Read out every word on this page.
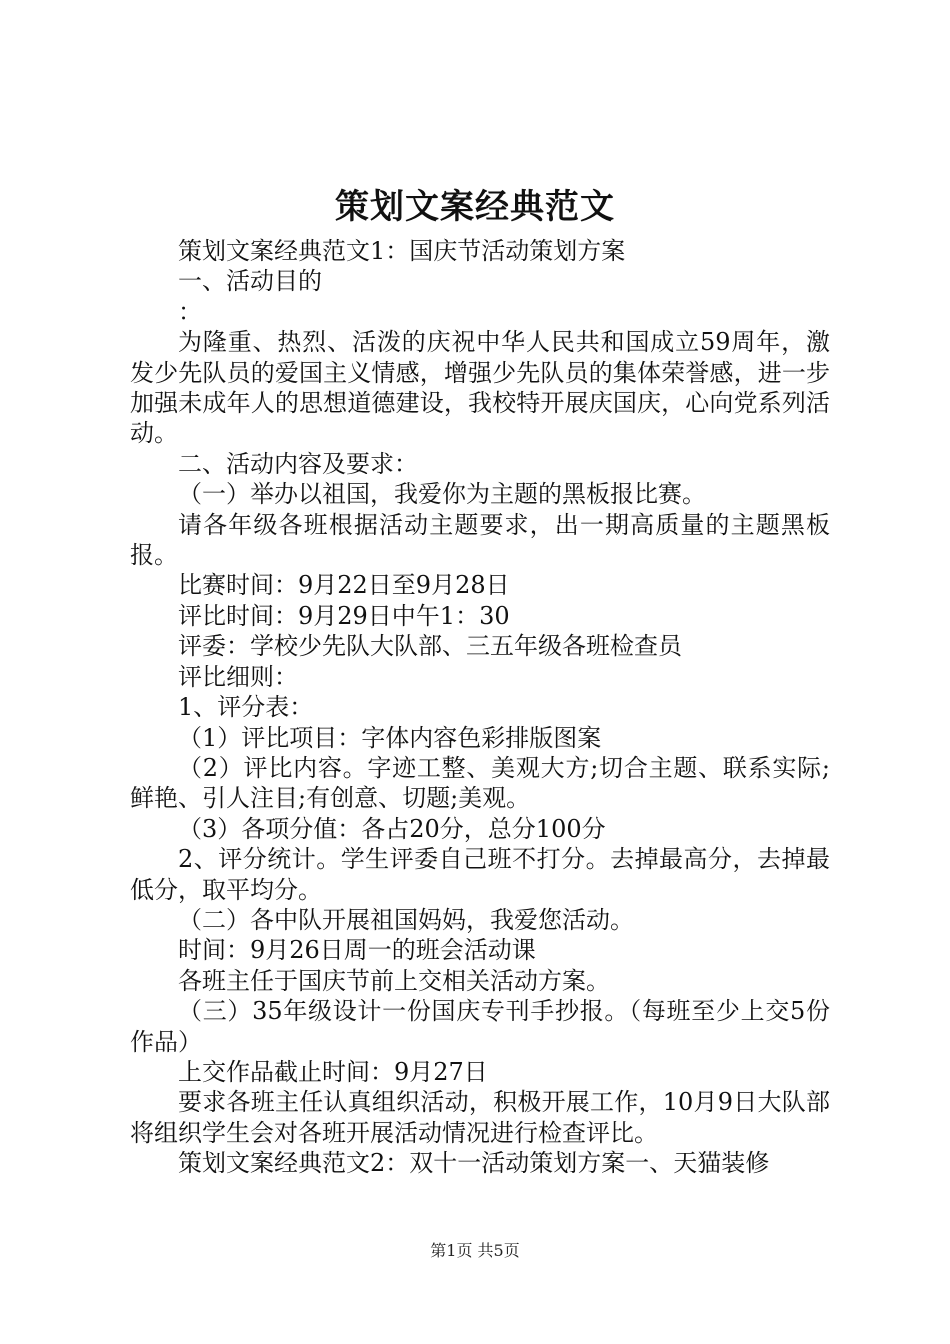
策划文案经典范文

策划文案经典范文1：国庆节活动策划方案

一、活动目的

：

为隆重、热烈、活泼的庆祝中华人民共和国成立59周年，激发少先队员的爱国主义情感，增强少先队员的集体荣誉感，进一步加强未成年人的思想道德建设，我校特开展庆国庆，心向党系列活动。

二、活动内容及要求：

（一）举办以祖国，我爱你为主题的黑板报比赛。

请各年级各班根据活动主题要求，出一期高质量的主题黑板报。

比赛时间：9月22日至9月28日

评比时间：9月29日中午1：30

评委：学校少先队大队部、三五年级各班检查员

评比细则：

1、评分表：

（1）评比项目：字体内容色彩排版图案

（2）评比内容。字迹工整、美观大方;切合主题、联系实际;鲜艳、引人注目;有创意、切题;美观。

（3）各项分值：各占20分，总分100分

2、评分统计。学生评委自己班不打分。去掉最高分，去掉最低分，取平均分。

（二）各中队开展祖国妈妈，我爱您活动。

时间：9月26日周一的班会活动课

各班主任于国庆节前上交相关活动方案。

（三）35年级设计一份国庆专刊手抄报。（每班至少上交5份作品）

上交作品截止时间：9月27日

要求各班主任认真组织活动，积极开展工作，10月9日大队部将组织学生会对各班开展活动情况进行检查评比。

策划文案经典范文2：双十一活动策划方案一、天猫装修

第1页 共5页
